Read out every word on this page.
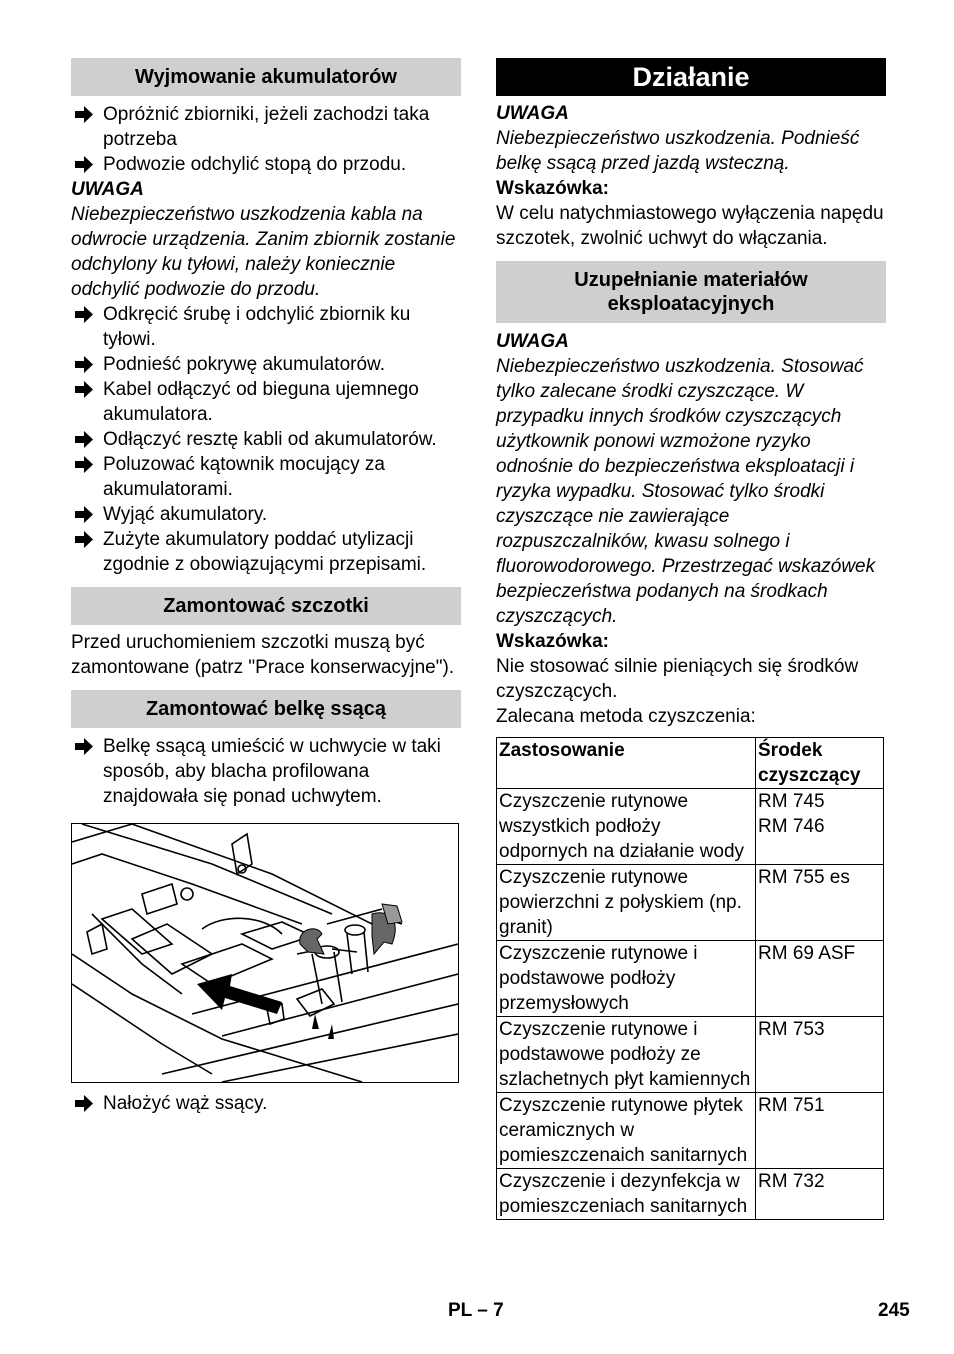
Wyjmowanie akumulatorów
Opróżnić zbiorniki, jeżeli zachodzi taka potrzeba
Podwozie odchylić stopą do przodu.

UWAGA

Niebezpieczeństwo uszkodzenia kabla na odwrocie urządzenia. Zanim zbiornik zostanie odchylony ku tyłowi, należy koniecznie odchylić podwozie do przodu.

Odkręcić śrubę i odchylić zbiornik ku tyłowi.
Podnieść pokrywę akumulatorów.
Kabel odłączyć od bieguna ujemnego akumulatora.
Odłączyć resztę kabli od akumulatorów.
Poluzować kątownik mocujący za akumulatorami.
Wyjąć akumulatory.
Zużyte akumulatory poddać utylizacji zgodnie z obowiązującymi przepisami.
Zamontować szczotki

Przed uruchomieniem szczotki muszą być zamontowane (patrz "Prace konserwacyjne").

Zamontować belkę ssącą
Belkę ssącą umieścić w uchwycie w taki sposób, aby blacha profilowana znajdowała się ponad uchwytem.
Nałożyć wąż ssący.
Działanie

UWAGA

Niebezpieczeństwo uszkodzenia. Podnieść belkę ssącą przed jazdą wsteczną.

Wskazówka:

W celu natychmiastowego wyłączenia napędu szczotek, zwolnić uchwyt do włączania.

Uzupełnianie materiałów eksploatacyjnych

UWAGA

Niebezpieczeństwo uszkodzenia. Stosować tylko zalecane środki czyszczące. W przypadku innych środków czyszczących użytkownik ponowi wzmożone ryzyko odnośnie do bezpieczeństwa eksploatacji i ryzyka wypadku. Stosować tylko środki czyszczące nie zawierające rozpuszczalników, kwasu solnego i fluorowodorowego. Przestrzegać wskazówek bezpieczeństwa podanych na środkach czyszczących.

Wskazówka:

Nie stosować silnie pieniących się środków czyszczących.

Zalecana metoda czyszczenia:

Zastosowanie	Środek czyszczący
Czyszczenie rutynowe wszystkich podłoży odpornych na działanie wody	RM 745
RM 746
Czyszczenie rutynowe powierzchni z połyskiem (np. granit)	RM 755 es
Czyszczenie rutynowe i podstawowe podłoży przemysłowych	RM 69 ASF
Czyszczenie rutynowe i podstawowe podłoży ze szlachetnych płyt kamiennych	RM 753
Czyszczenie rutynowe płytek ceramicznych w pomieszczenaich sanitarnych	RM 751
Czyszczenie i dezynfekcja w pomieszczeniach sanitarnych	RM 732
PL – 7	245
